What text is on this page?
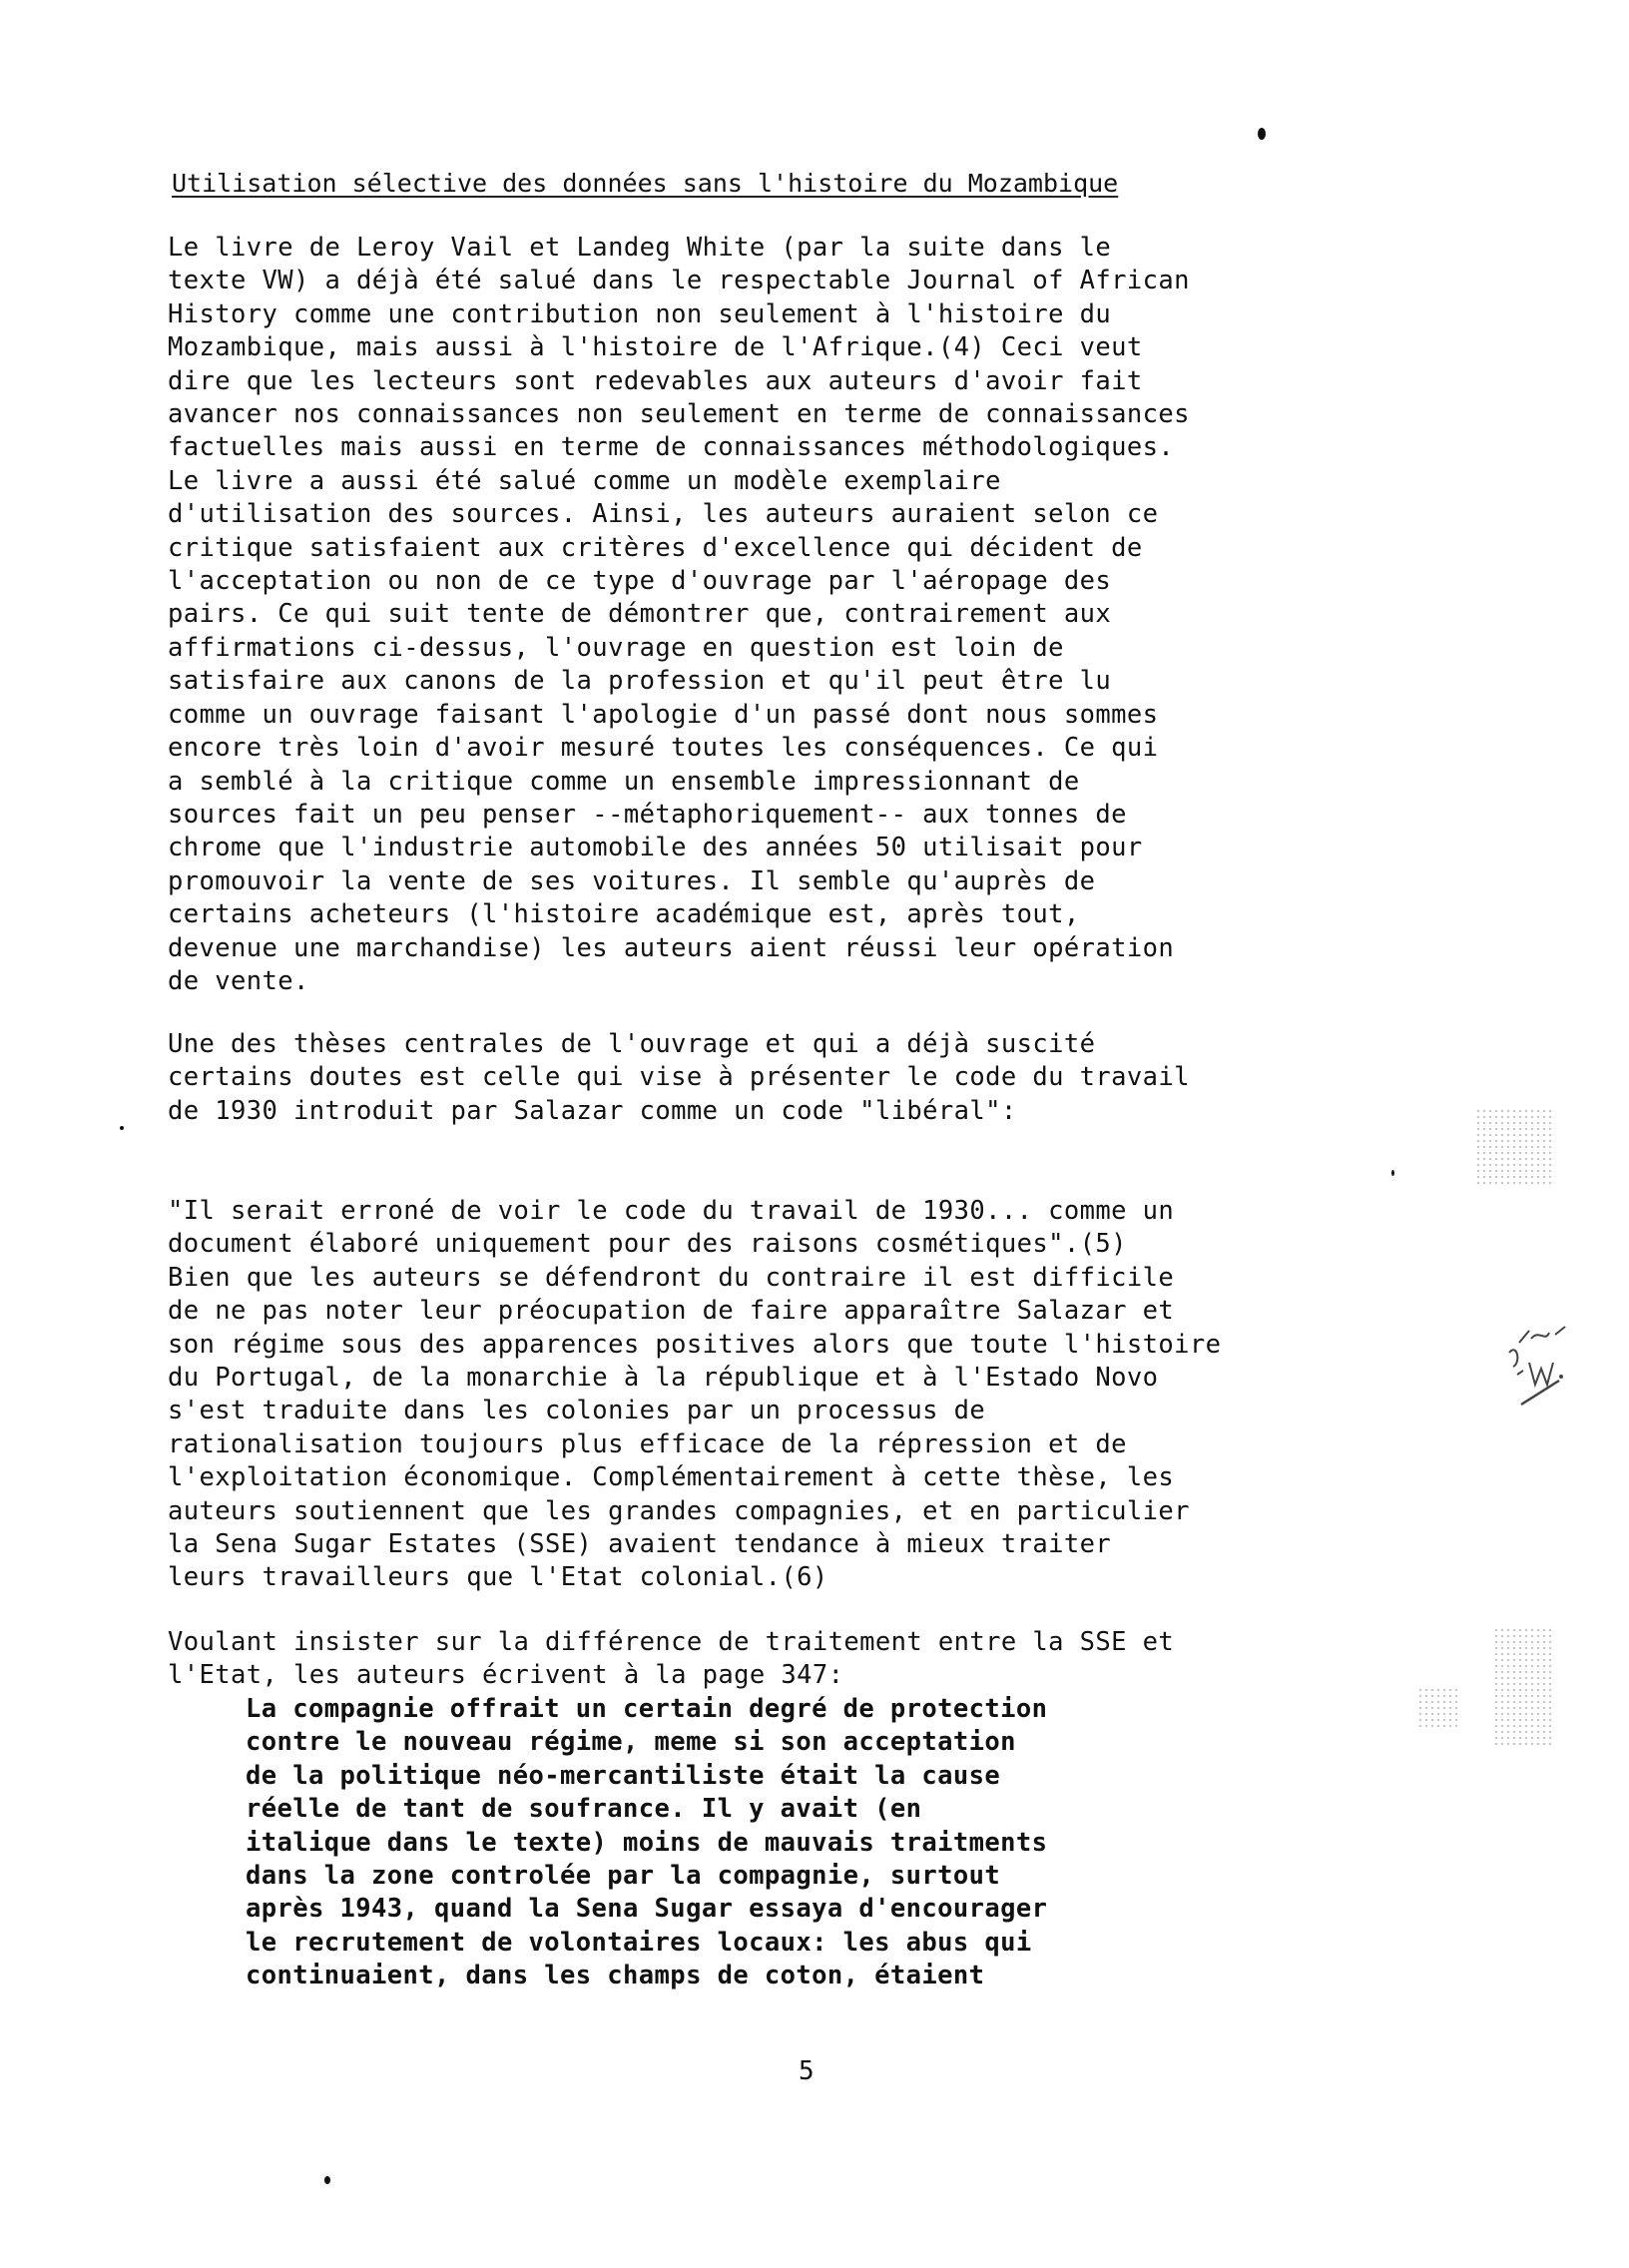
Utilisation sélective des données sans l'histoire du Mozambique
Le livre de Leroy Vail et Landeg White (par la suite dans le
texte VW) a déjà été salué dans le respectable Journal of African
History comme une contribution non seulement à l'histoire du
Mozambique, mais aussi à l'histoire de l'Afrique.(4) Ceci veut
dire que les lecteurs sont redevables aux auteurs d'avoir fait
avancer nos connaissances non seulement en terme de connaissances
factuelles mais aussi en terme de connaissances méthodologiques.
Le livre a aussi été salué comme un modèle exemplaire
d'utilisation des sources. Ainsi, les auteurs auraient selon ce
critique satisfaient aux critères d'excellence qui décident de
l'acceptation ou non de ce type d'ouvrage par l'aéropage des
pairs. Ce qui suit tente de démontrer que, contrairement aux
affirmations ci-dessus, l'ouvrage en question est loin de
satisfaire aux canons de la profession et qu'il peut être lu
comme un ouvrage faisant l'apologie d'un passé dont nous sommes
encore très loin d'avoir mesuré toutes les conséquences. Ce qui
a semblé à la critique comme un ensemble impressionnant de
sources fait un peu penser --métaphoriquement-- aux tonnes de
chrome que l'industrie automobile des années 50 utilisait pour
promouvoir la vente de ses voitures. Il semble qu'auprès de
certains acheteurs (l'histoire académique est, après tout,
devenue une marchandise) les auteurs aient réussi leur opération
de vente.
Une des thèses centrales de l'ouvrage et qui a déjà suscité
certains doutes est celle qui vise à présenter le code du travail
de 1930 introduit par Salazar comme un code "libéral":
"Il serait erroné de voir le code du travail de 1930... comme un
document élaboré uniquement pour des raisons cosmétiques".(5)
Bien que les auteurs se défendront du contraire il est difficile
de ne pas noter leur préocupation de faire apparaître Salazar et
son régime sous des apparences positives alors que toute l'histoire
du Portugal, de la monarchie à la république et à l'Estado Novo
s'est traduite dans les colonies par un processus de
rationalisation toujours plus efficace de la répression et de
l'exploitation économique. Complémentairement à cette thèse, les
auteurs soutiennent que les grandes compagnies, et en particulier
la Sena Sugar Estates (SSE) avaient tendance à mieux traiter
leurs travailleurs que l'Etat colonial.(6)
Voulant insister sur la différence de traitement entre la SSE et
l'Etat, les auteurs écrivent à la page 347:
La compagnie offrait un certain degré de protection
contre le nouveau régime, meme si son acceptation
de la politique néo-mercantiliste était la cause
réelle de tant de soufrance. Il y avait (en
italique dans le texte) moins de mauvais traitments
dans la zone controlée par la compagnie, surtout
après 1943, quand la Sena Sugar essaya d'encourager
le recrutement de volontaires locaux: les abus qui
continuaient, dans les champs de coton, étaient
5
